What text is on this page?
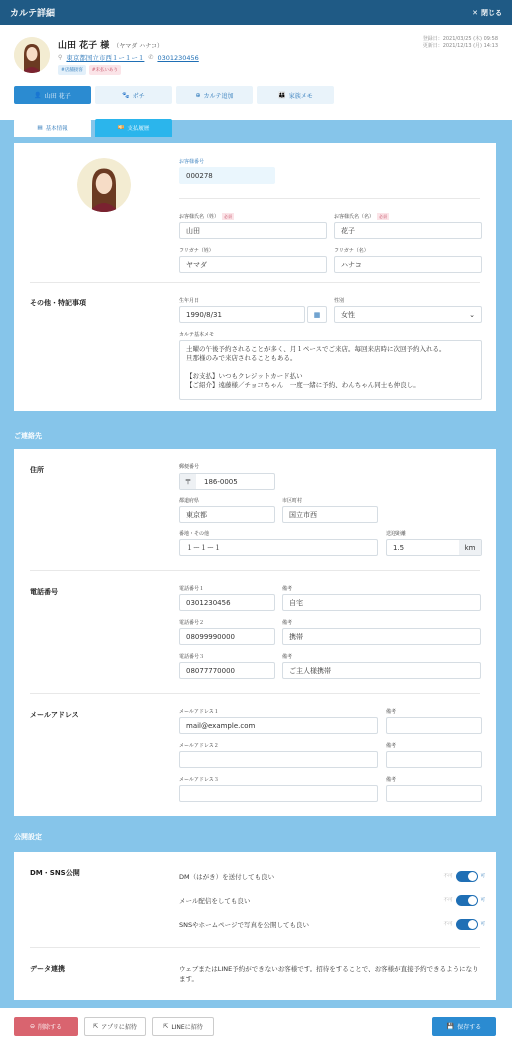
カルテ詳細	✕ 閉じる
山田 花子 様 （ヤマダ ハナコ）
⚲ 東京都国立市西１ー１ー１ ✆ 0301230456
#店舗接客	#未払いあり
登録日：2021/03/25 (木) 09:58
更新日：2021/12/13 (月) 14:13
👤 山田 花子	🐾 ポチ	⊕ カルテ追加	👪 家族メモ
▤ 基本情報	💴 支払履歴
お客様番号
000278
お客様氏名（姓） 必須	お客様氏名（名） 必須
山田	花子
フリガナ（姓）	フリガナ（名）
ヤマダ	ハナコ
その他・特記事項	生年月日	性別
1990/8/31	▦	女性	⌄
カルテ基本メモ
土曜の午後予約されることが多く、月１ペースでご来店。毎回来店時に次回予約入れる。
旦那様のみで来店されることもある。
【お支払】いつもクレジットカード払い
【ご紹介】遠藤様／チョコちゃん　一度一緒に予約、わんちゃん同士も仲良し。
ご連絡先
住所	郵便番号
〒	186-0005
都道府県	市区町村
東京都	国立市西
番地・その他	送迎距離
１ー１ー１	1.5	km
電話番号	電話番号１	備考
0301230456	自宅
電話番号２	備考
08099990000	携帯
電話番号３	備考
08077770000	ご主人様携帯
メールアドレス	メールアドレス１	備考
mail@example.com
メールアドレス２	備考
メールアドレス３	備考
公開設定
DM・SNS公開	DM（はがき）を送付しても良い	不可	可
メール配信をしても良い	不可	可
SNSやホームページで写真を公開しても良い	不可	可
データ連携	ウェブまたはLINE予約ができないお客様です。招待をすることで、お客様が直接予約できるようになります。
⊖ 削除する	⇱ アプリに招待	⇱ LINEに招待	💾 保存する
